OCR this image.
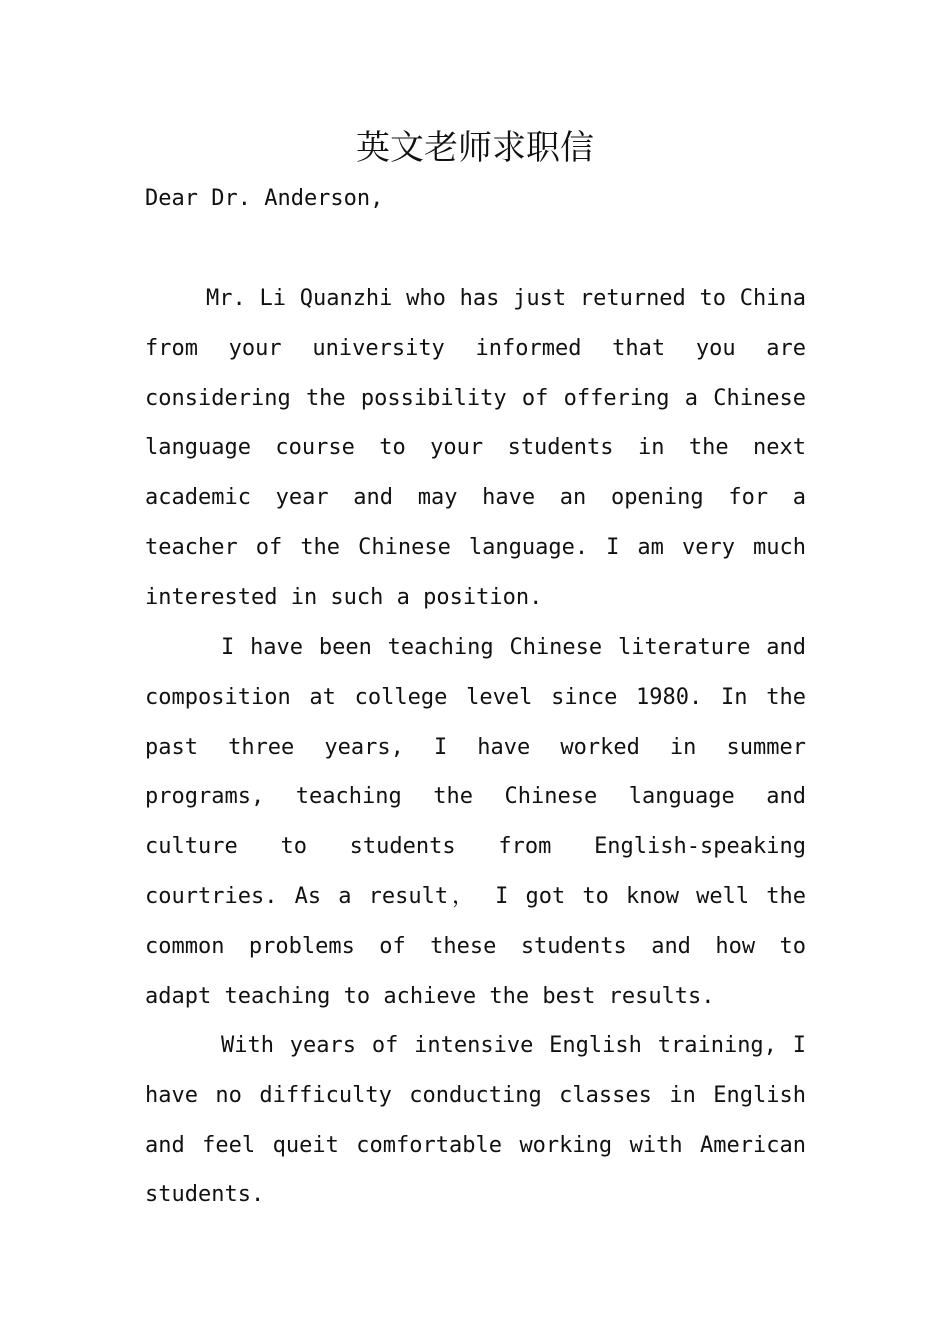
英文老师求职信
Dear Dr. Anderson,

Mr. Li Quanzhi who has just returned to China from your university informed that you are considering the possibility of offering a Chinese language course to your students in the next academic year and may have an opening for a teacher of the Chinese language. I am very much interested in such a position.

I have been teaching Chinese literature and composition at college level since 1980. In the past three years, I have worked in summer programs, teaching the Chinese language and culture to students from English-speaking courtries. As a result， I got to know well the common problems of these students and how to adapt teaching to achieve the best results.

With years of intensive English training, I have no difficulty conducting classes in English and feel queit comfortable working with American students.
